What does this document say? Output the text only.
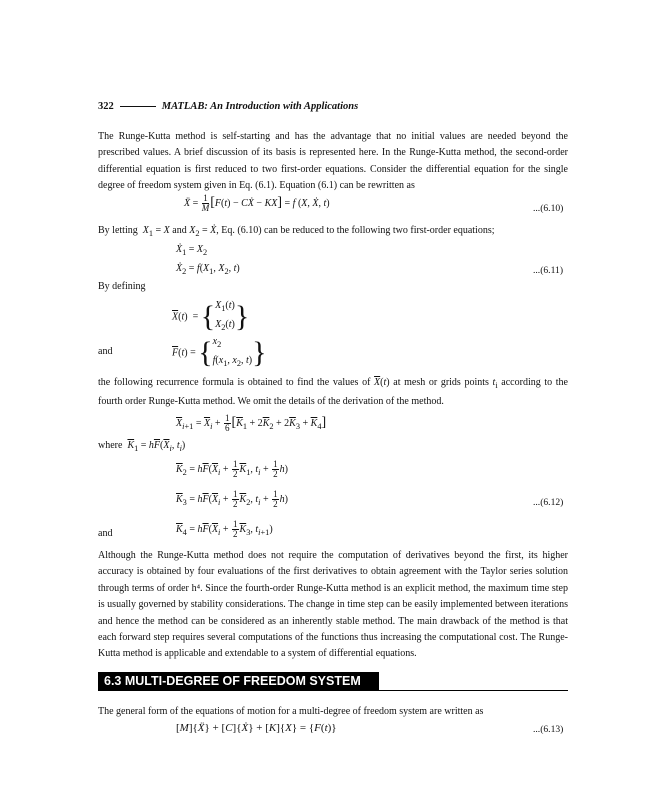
322	MATLAB: An Introduction with Applications
The Runge-Kutta method is self-starting and has the advantage that no initial values are needed beyond the prescribed values. A brief discussion of its basis is represented here. In the Runge-Kutta method, the second-order differential equation is first reduced to two first-order equations. Consider the differential equation for the single degree of freedom system given in Eq. (6.1). Equation (6.1) can be rewritten as
Ẍ = $\frac{1}{M} [F(t)$ − CẊ − KX] = f (X, Ẋ, t)	...(6.10)
By letting $X_1 = X$ and $X_2$ = Ẋ, Eq. (6.10) can be reduced to the following two first-order equations;
Ẋ$_1$ = $X_2$
Ẋ$_2$ = $f(X_1$, $X_2$, t)	...(6.11)
By defining
$\overline{X}(t) = \{X_1(t)$
$X_2(t)$}
and	$\overline{F}(t) = \{x_2$
$f(x_1$, $x_2$, t)}
the following recurrence formula is obtained to find the values of $\overline{X}(t)$ at mesh or grids points $t_i$ according to the fourth order Runge-Kutta method. We omit the details of the derivation of the method.
$\overline{X}_{i+1} = \overline{X}_i + \frac{1}{6} [\overline{K}_1 + 2\overline{K}_2 + 2\overline{K}_3 + \overline{K}_4]$
where $\overline{K}_1 = h\overline{F}(\overline{X}_i$, $t_i$)
$\overline{K}_2 = h\overline{F}(\overline{X}_i + \frac{1}{2} \overline{K}_1$, $t_i + \frac{1}{2} h$)
$\overline{K}_3 = h\overline{F}(\overline{X}_i + \frac{1}{2} \overline{K}_2$, $t_i + \frac{1}{2} h$)	...(6.12)
and	$\overline{K}_4 = h\overline{F}(\overline{X}_i + \frac{1}{2} \overline{K}_3$, $t_{i+1}$)
Although the Runge-Kutta method does not require the computation of derivatives beyond the first, its higher accuracy is obtained by four evaluations of the first derivatives to obtain agreement with the Taylor series solution through terms of order h⁴. Since the fourth-order Runge-Kutta method is an explicit method, the maximum time step is usually governed by stability considerations. The change in time step can be easily implemented between iterations and hence the method can be considered as an inherently stable method. The main drawback of the method is that each forward step requires several computations of the functions thus increasing the computational cost. The Runge-Kutta method is applicable and extendable to a system of differential equations.
6.3 MULTI-DEGREE OF FREEDOM SYSTEM
The general form of the equations of motion for a multi-degree of freedom system are written as
[M]{Ẍ} + [C]{Ẋ} + [K]{X} = {F(t)}	...(6.13)
